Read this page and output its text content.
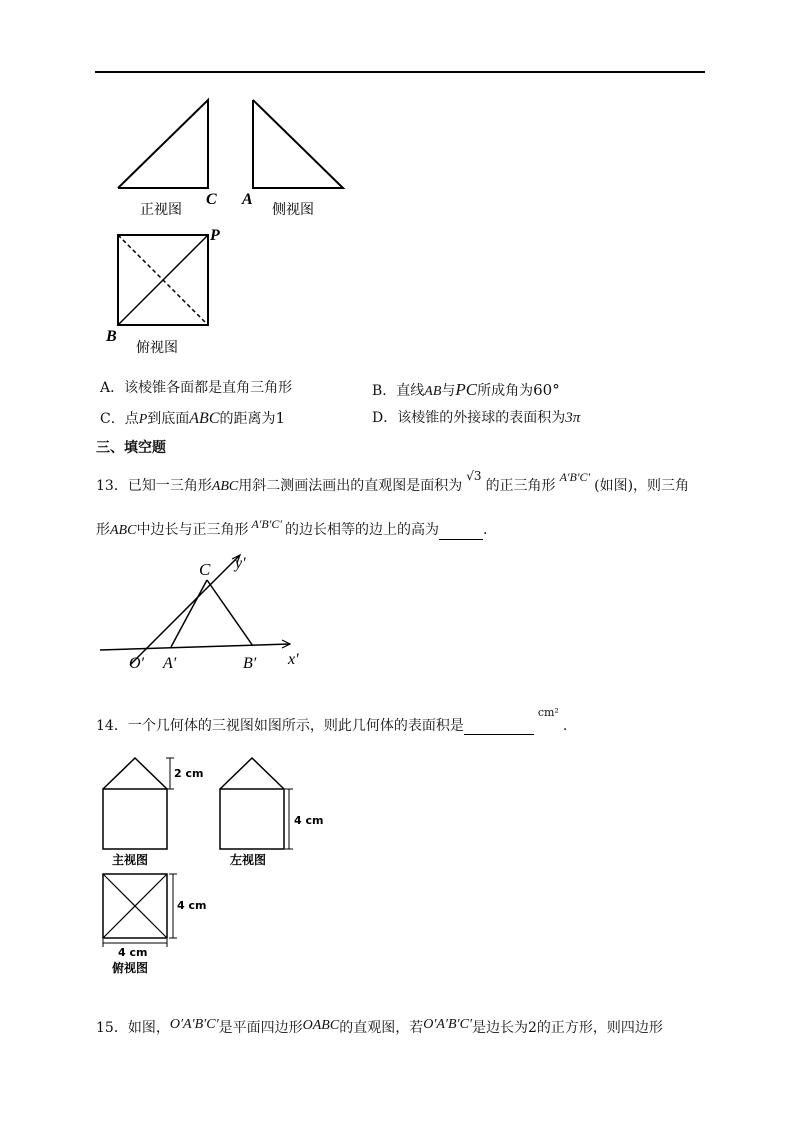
C
正视图
A
侧视图
P
B
俯视图
A．该棱锥各面都是直角三角形	B．直线AB与PC所成角为60°
C．点P到底面ABC的距离为1	D．该棱锥的外接球的表面积为3π
三、填空题
13．已知一三角形ABC用斜二测画法画出的直观图是面积为√3的正三角形A′B′C′(如图)，则三角
形ABC中边长与正三角形 A′B′C′ 的边长相等的边上的高为	.
C y′
O′ A′	B′ x′
14．一个几何体的三视图如图所示，则此几何体的表面积是$^{cm^2}$.
2 cm
主视图
4 cm
左视图
4 cm
4 cm
俯视图
15．如图，O′A′B′C′是平面四边形OABC的直观图，若O′A′B′C′是边长为2的正方形，则四边形
